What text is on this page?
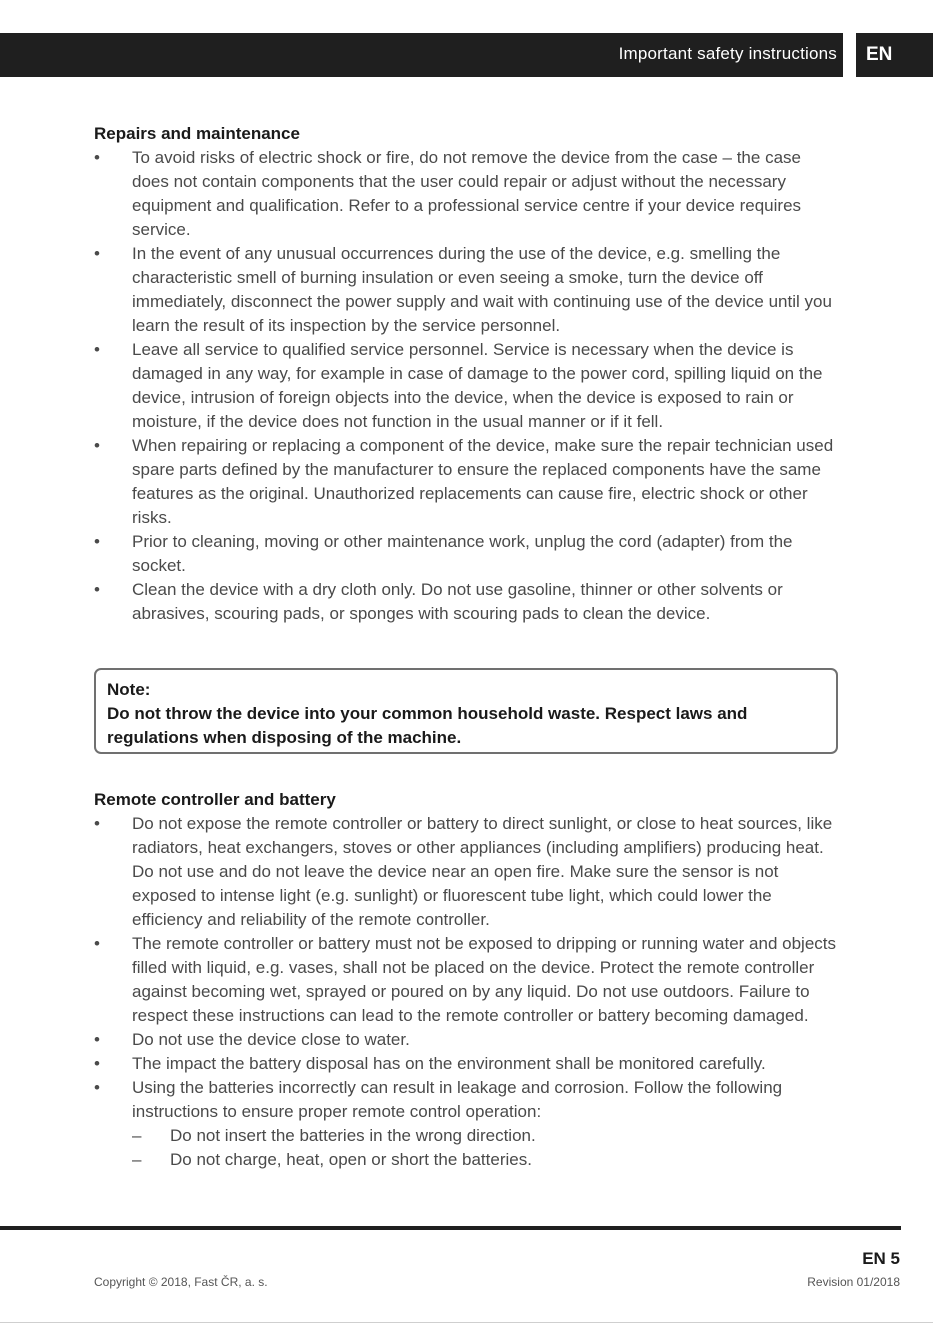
Important safety instructions EN
Repairs and maintenance
• To avoid risks of electric shock or fire, do not remove the device from the case – the case does not contain components that the user could repair or adjust without the necessary equipment and qualification. Refer to a professional service centre if your device requires service.
• In the event of any unusual occurrences during the use of the device, e.g. smelling the characteristic smell of burning insulation or even seeing a smoke, turn the device off immediately, disconnect the power supply and wait with continuing use of the device until you learn the result of its inspection by the service personnel.
• Leave all service to qualified service personnel. Service is necessary when the device is damaged in any way, for example in case of damage to the power cord, spilling liquid on the device, intrusion of foreign objects into the device, when the device is exposed to rain or moisture, if the device does not function in the usual manner or if it fell.
• When repairing or replacing a component of the device, make sure the repair technician used spare parts defined by the manufacturer to ensure the replaced components have the same features as the original. Unauthorized replacements can cause fire, electric shock or other risks.
• Prior to cleaning, moving or other maintenance work, unplug the cord (adapter) from the socket.
• Clean the device with a dry cloth only. Do not use gasoline, thinner or other solvents or abrasives, scouring pads, or sponges with scouring pads to clean the device.
Note:
Do not throw the device into your common household waste. Respect laws and regulations when disposing of the machine.
Remote controller and battery
• Do not expose the remote controller or battery to direct sunlight, or close to heat sources, like radiators, heat exchangers, stoves or other appliances (including amplifiers) producing heat. Do not use and do not leave the device near an open fire. Make sure the sensor is not exposed to intense light (e.g. sunlight) or fluorescent tube light, which could lower the efficiency and reliability of the remote controller.
• The remote controller or battery must not be exposed to dripping or running water and objects filled with liquid, e.g. vases, shall not be placed on the device. Protect the remote controller against becoming wet, sprayed or poured on by any liquid. Do not use outdoors. Failure to respect these instructions can lead to the remote controller or battery becoming damaged.
• Do not use the device close to water.
• The impact the battery disposal has on the environment shall be monitored carefully.
• Using the batteries incorrectly can result in leakage and corrosion. Follow the following instructions to ensure proper remote control operation:
– Do not insert the batteries in the wrong direction.
– Do not charge, heat, open or short the batteries.
EN 5
Copyright © 2018, Fast ČR, a. s.	Revision 01/2018
